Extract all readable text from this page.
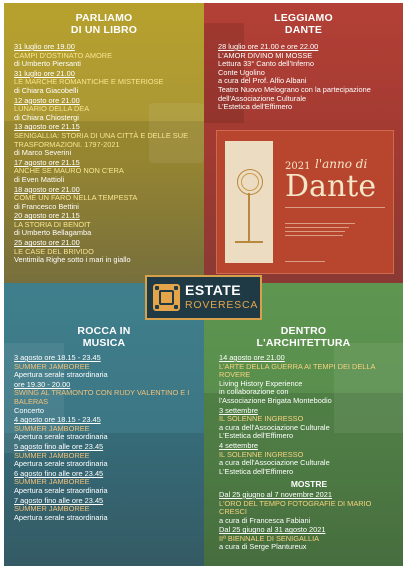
PARLIAMO
DI UN LIBRO
31 luglio ore 19.00
CAMPI D'OSTINATO AMORE
di Umberto Piersanti
31 luglio ore 21.00
LE MARCHE ROMANTICHE E MISTERIOSE
di Chiara Giacobelli
12 agosto ore 21.00
LUNARIO DELLA DEA
di Chiara Chiostergi
13 agosto ore 21.15
SENIGALLIA: STORIA DI UNA CITTÀ E DELLE SUE TRASFORMAZIONI. 1797-2021
di Marco Severini
17 agosto ore 21.15
ANCHE SE MAURO NON C'ERA
di Even Mattioli
18 agosto ore 21.00
COME UN FARO NELLA TEMPESTA
di Francesco Bettini
20 agosto ore 21.15
LA STORIA DI BENOIT
di Umberto Bellagamba
25 agosto ore 21.00
LE CASE DEL BRIVIDO
Ventimila Righe sotto i mari in giallo
LEGGIAMO
DANTE
28 luglio ore 21.00 e ore 22.00
L'AMOR DIVINO MI MOSSE
Lettura 33° Canto dell'Inferno
Conte Ugolino
a cura del Prof. Alfio Albani
Teatro Nuovo Melograno con la partecipazione
dell'Associazione Culturale
L'Estetica dell'Effimero
2021 l'anno di
Dante
ROCCA IN
MUSICA
3 agosto ore 18.15 - 23.45
SUMMER JAMBOREE
Apertura serale straordinaria
ore 19.30 - 20.00
SWING AL TRAMONTO CON RUDY VALENTINO E I BALERAS
Concerto
4 agosto ore 18.15 - 23.45
SUMMER JAMBOREE
Apertura serale straordinaria
5 agosto fino alle ore 23.45
SUMMER JAMBOREE
Apertura serale straordinaria
6 agosto fino alle ore 23.45
SUMMER JAMBOREE
Apertura serale straordinaria
7 agosto fino alle ore 23.45
SUMMER JAMBOREE
Apertura serale straordinaria
DENTRO
L'ARCHITETTURA
14 agosto ore 21.00
L'ARTE DELLA GUERRA AI TEMPI DEI DELLA ROVERE
Living History Experience
in collaborazione con
l'Associazione Brigata Montebodio
3 settembre
IL SOLENNE INGRESSO
a cura dell'Associazione Culturale
L'Estetica dell'Effimero
4 settembre
IL SOLENNE INGRESSO
a cura dell'Associazione Culturale
L'Estetica dell'Effimero
MOSTRE
Dal 25 giugno al 7 novembre 2021
L'ORO DEL TEMPO FOTOGRAFIE DI MARIO CRESCI
a cura di Francesca Fabiani
Dal 25 giugno al 31 agosto 2021
IIª BIENNALE DI SENIGALLIA
a cura di Serge Plantureux
ESTATE
ROVERESCA
